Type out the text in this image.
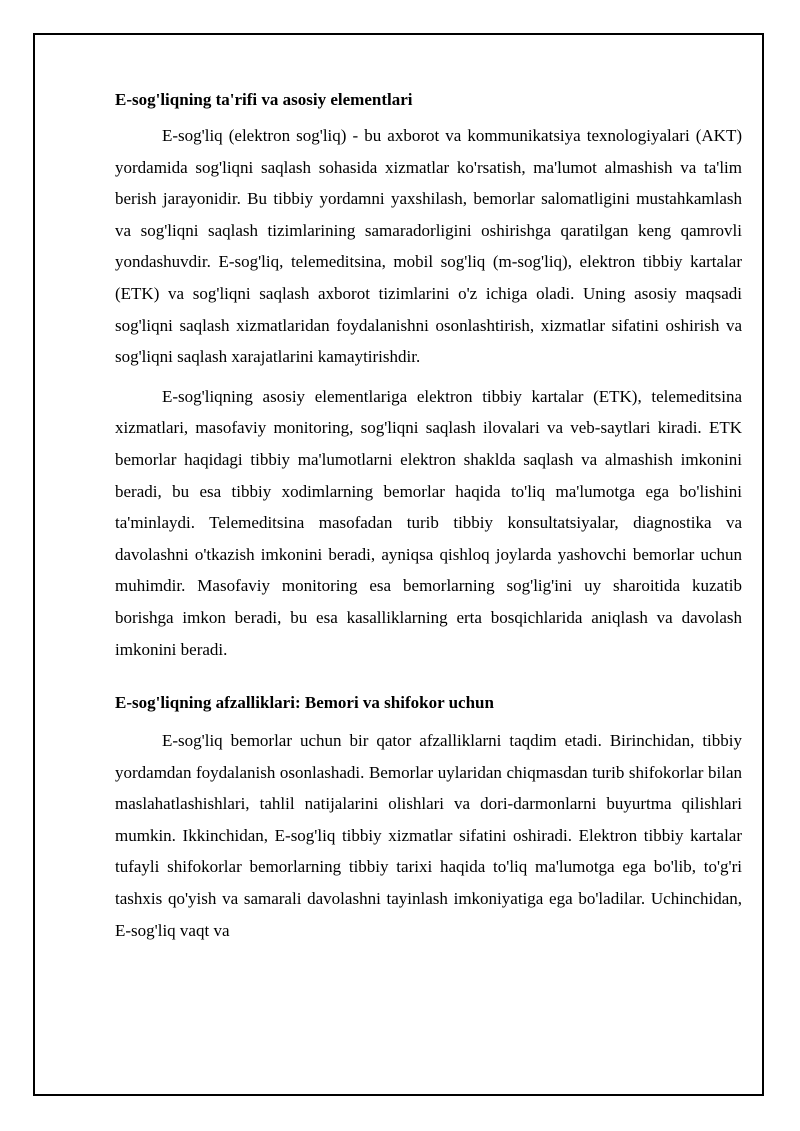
E-sog'liqning ta'rifi va asosiy elementlari

E-sog'liq (elektron sog'liq) - bu axborot va kommunikatsiya texnologiyalari (AKT) yordamida sog'liqni saqlash sohasida xizmatlar ko'rsatish, ma'lumot almashish va ta'lim berish jarayonidir. Bu tibbiy yordamni yaxshilash, bemorlar salomatligini mustahkamlash va sog'liqni saqlash tizimlarining samaradorligini oshirishga qaratilgan keng qamrovli yondashuvdir. E-sog'liq, telemeditsina, mobil sog'liq (m-sog'liq), elektron tibbiy kartalar (ETK) va sog'liqni saqlash axborot tizimlarini o'z ichiga oladi. Uning asosiy maqsadi sog'liqni saqlash xizmatlaridan foydalanishni osonlashtirish, xizmatlar sifatini oshirish va sog'liqni saqlash xarajatlarini kamaytirishdir.

E-sog'liqning asosiy elementlariga elektron tibbiy kartalar (ETK), telemeditsina xizmatlari, masofaviy monitoring, sog'liqni saqlash ilovalari va veb-saytlari kiradi. ETK bemorlar haqidagi tibbiy ma'lumotlarni elektron shaklda saqlash va almashish imkonini beradi, bu esa tibbiy xodimlarning bemorlar haqida to'liq ma'lumotga ega bo'lishini ta'minlaydi. Telemeditsina masofadan turib tibbiy konsultatsiyalar, diagnostika va davolashni o'tkazish imkonini beradi, ayniqsa qishloq joylarda yashovchi bemorlar uchun muhimdir. Masofaviy monitoring esa bemorlarning sog'lig'ini uy sharoitida kuzatib borishga imkon beradi, bu esa kasalliklarning erta bosqichlarida aniqlash va davolash imkonini beradi.

E-sog'liqning afzalliklari: Bemori va shifokor uchun

E-sog'liq bemorlar uchun bir qator afzalliklarni taqdim etadi. Birinchidan, tibbiy yordamdan foydalanish osonlashadi. Bemorlar uylaridan chiqmasdan turib shifokorlar bilan maslahatlashishlari, tahlil natijalarini olishlari va dori-darmonlarni buyurtma qilishlari mumkin. Ikkinchidan, E-sog'liq tibbiy xizmatlar sifatini oshiradi. Elektron tibbiy kartalar tufayli shifokorlar bemorlarning tibbiy tarixi haqida to'liq ma'lumotga ega bo'lib, to'g'ri tashxis qo'yish va samarali davolashni tayinlash imkoniyatiga ega bo'ladilar. Uchinchidan, E-sog'liq vaqt va
